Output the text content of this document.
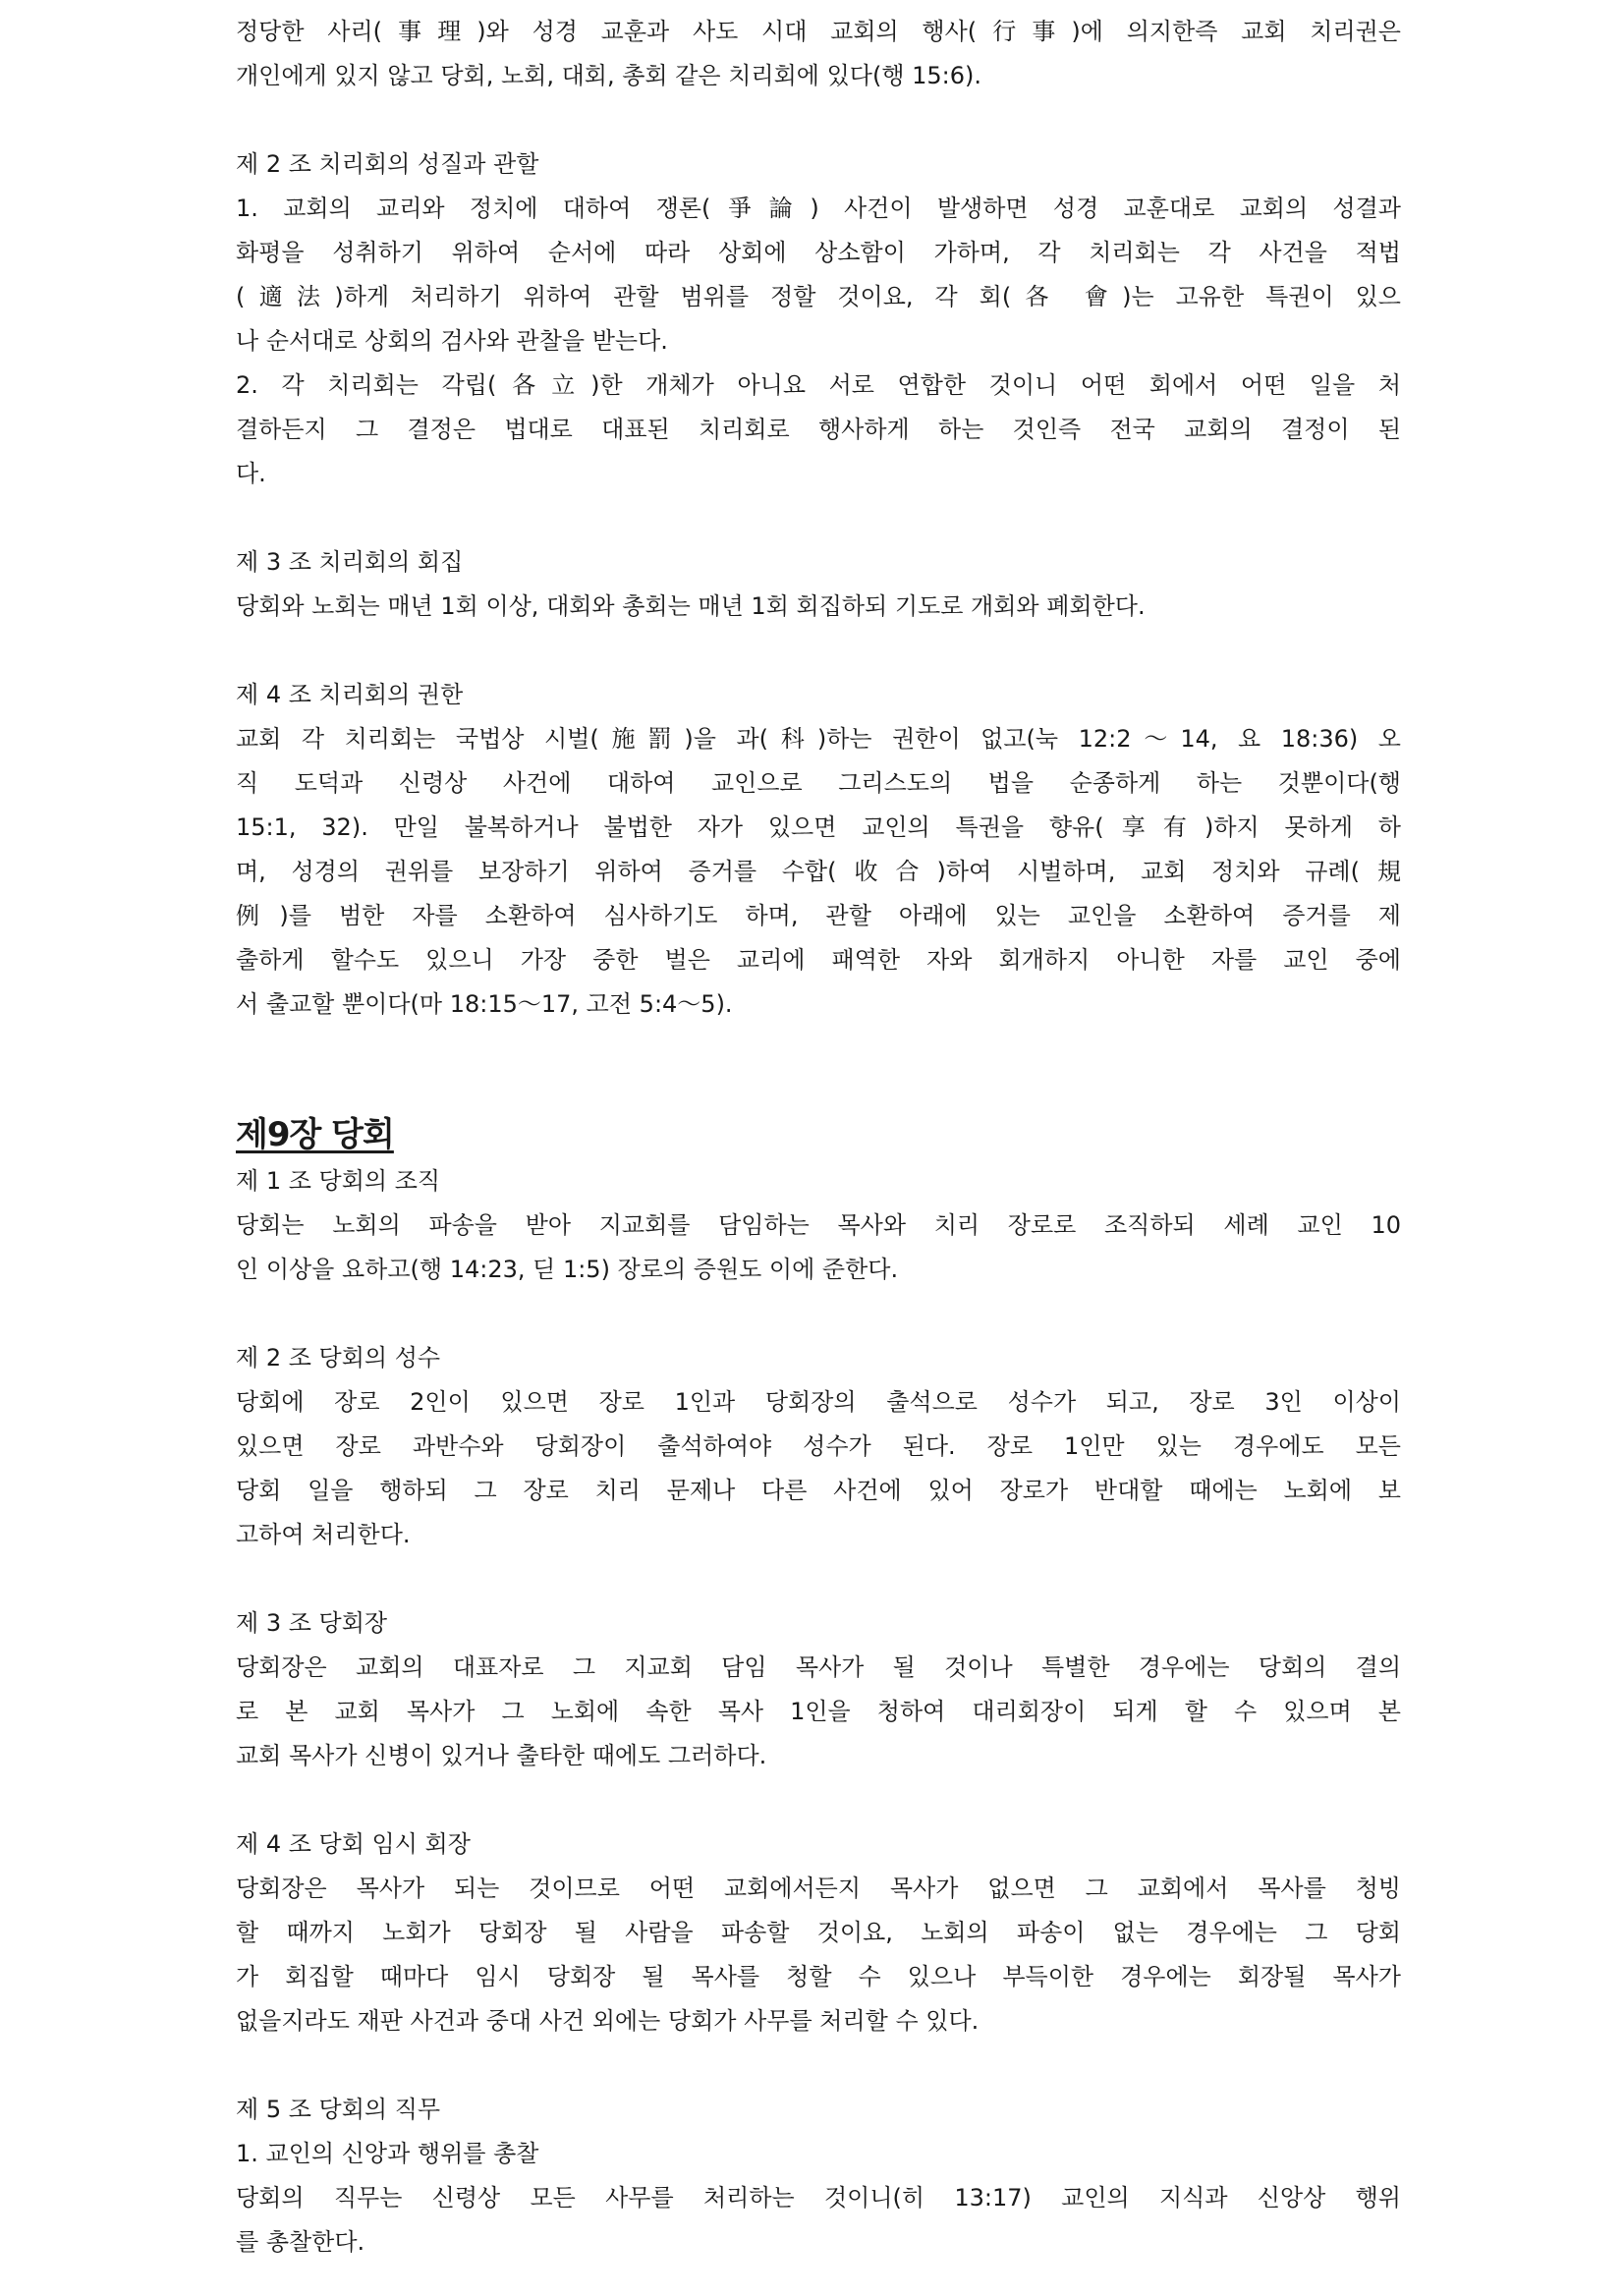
정당한 사리(事理)와 성경 교훈과 사도 시대 교회의 행사(行事)에 의지한즉 교회 치리권은
개인에게 있지 않고 당회, 노회, 대회, 총회 같은 치리회에 있다(행 15:6).
제 2 조 치리회의 성질과 관할
1. 교회의 교리와 정치에 대하여 쟁론(爭論) 사건이 발생하면 성경 교훈대로 교회의 성결과
화평을 성취하기 위하여 순서에 따라 상회에 상소함이 가하며, 각 치리회는 각 사건을 적법
(適法)하게 처리하기 위하여 관할 범위를 정할 것이요, 각 회(各 會)는 고유한 특권이 있으
나 순서대로 상회의 검사와 관찰을 받는다.
2. 각 치리회는 각립(各立)한 개체가 아니요 서로 연합한 것이니 어떤 회에서 어떤 일을 처
결하든지 그 결정은 법대로 대표된 치리회로 행사하게 하는 것인즉 전국 교회의 결정이 된
다.
제 3 조 치리회의 회집
당회와 노회는 매년 1회 이상, 대회와 총회는 매년 1회 회집하되 기도로 개회와 폐회한다.
제 4 조 치리회의 권한
교회 각 치리회는 국법상 시벌(施罰)을 과(科)하는 권한이 없고(눅 12:2～14, 요 18:36) 오
직 도덕과 신령상 사건에 대하여 교인으로 그리스도의 법을 순종하게 하는 것뿐이다(행
15:1, 32). 만일 불복하거나 불법한 자가 있으면 교인의 특권을 향유(享有)하지 못하게 하
며, 성경의 권위를 보장하기 위하여 증거를 수합(收合)하여 시벌하며, 교회 정치와 규례(規
例)를 범한 자를 소환하여 심사하기도 하며, 관할 아래에 있는 교인을 소환하여 증거를 제
출하게 할수도 있으니 가장 중한 벌은 교리에 패역한 자와 회개하지 아니한 자를 교인 중에
서 출교할 뿐이다(마 18:15～17, 고전 5:4～5).
제9장 당회
제 1 조 당회의 조직
당회는 노회의 파송을 받아 지교회를 담임하는 목사와 치리 장로로 조직하되 세례 교인 10
인 이상을 요하고(행 14:23, 딛 1:5) 장로의 증원도 이에 준한다.
제 2 조 당회의 성수
당회에 장로 2인이 있으면 장로 1인과 당회장의 출석으로 성수가 되고, 장로 3인 이상이
있으면 장로 과반수와 당회장이 출석하여야 성수가 된다. 장로 1인만 있는 경우에도 모든
당회 일을 행하되 그 장로 치리 문제나 다른 사건에 있어 장로가 반대할 때에는 노회에 보
고하여 처리한다.
제 3 조 당회장
당회장은 교회의 대표자로 그 지교회 담임 목사가 될 것이나 특별한 경우에는 당회의 결의
로 본 교회 목사가 그 노회에 속한 목사 1인을 청하여 대리회장이 되게 할 수 있으며 본
교회 목사가 신병이 있거나 출타한 때에도 그러하다.
제 4 조 당회 임시 회장
당회장은 목사가 되는 것이므로 어떤 교회에서든지 목사가 없으면 그 교회에서 목사를 청빙
할 때까지 노회가 당회장 될 사람을 파송할 것이요, 노회의 파송이 없는 경우에는 그 당회
가 회집할 때마다 임시 당회장 될 목사를 청할 수 있으나 부득이한 경우에는 회장될 목사가
없을지라도 재판 사건과 중대 사건 외에는 당회가 사무를 처리할 수 있다.
제 5 조 당회의 직무
1. 교인의 신앙과 행위를 총찰
당회의 직무는 신령상 모든 사무를 처리하는 것이니(히 13:17) 교인의 지식과 신앙상 행위
를 총찰한다.
